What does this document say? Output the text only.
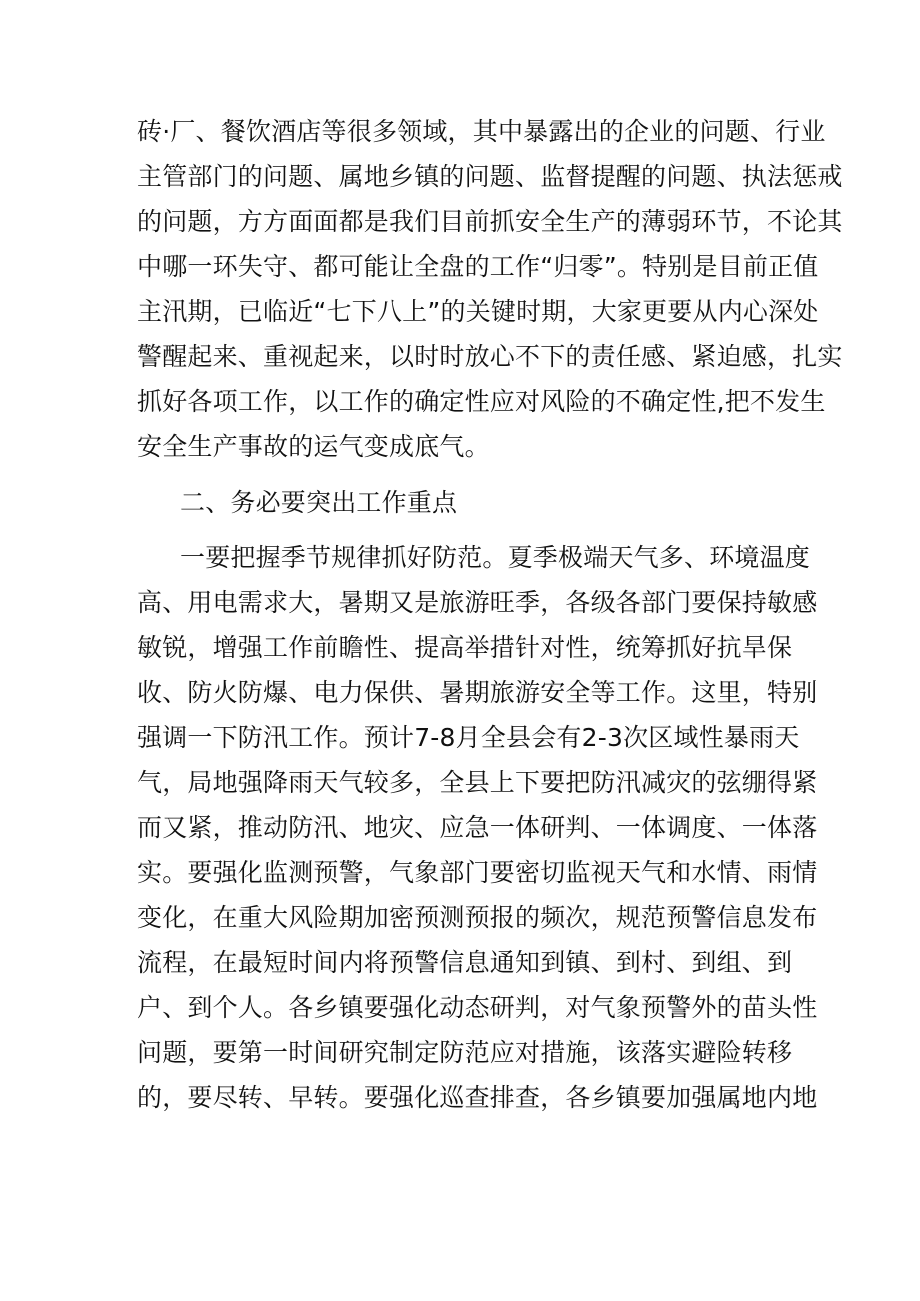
砖·厂、餐饮酒店等很多领域，其中暴露出的企业的问题、行业
主管部门的问题、属地乡镇的问题、监督提醒的问题、执法惩戒
的问题，方方面面都是我们目前抓安全生产的薄弱环节，不论其
中哪一环失守、都可能让全盘的工作“归零”。特别是目前正值
主汛期，已临近“七下八上”的关键时期，大家更要从内心深处
警醒起来、重视起来，以时时放心不下的责任感、紧迫感，扎实
抓好各项工作，以工作的确定性应对风险的不确定性,把不发生
安全生产事故的运气变成底气。
二、务必要突出工作重点
一要把握季节规律抓好防范。夏季极端天气多、环境温度
高、用电需求大，暑期又是旅游旺季，各级各部门要保持敏感
敏锐，增强工作前瞻性、提高举措针对性，统筹抓好抗旱保
收、防火防爆、电力保供、暑期旅游安全等工作。这里，特别
强调一下防汛工作。预计7-8月全县会有2-3次区域性暴雨天
气，局地强降雨天气较多，全县上下要把防汛减灾的弦绷得紧
而又紧，推动防汛、地灾、应急一体研判、一体调度、一体落
实。要强化监测预警，气象部门要密切监视天气和水情、雨情
变化，在重大风险期加密预测预报的频次，规范预警信息发布
流程，在最短时间内将预警信息通知到镇、到村、到组、到
户、到个人。各乡镇要强化动态研判，对气象预警外的苗头性
问题，要第一时间研究制定防范应对措施，该落实避险转移
的，要尽转、早转。要强化巡查排查，各乡镇要加强属地内地
